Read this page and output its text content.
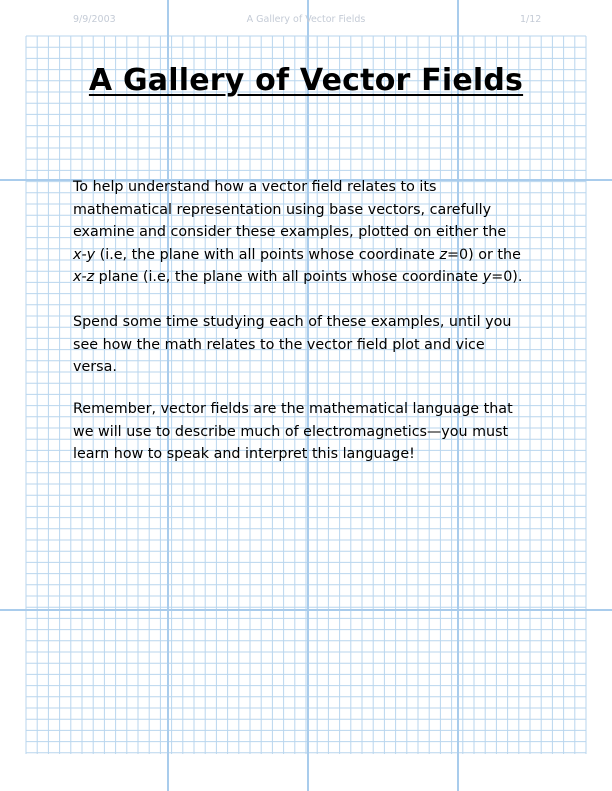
9/9/2003	A Gallery of Vector Fields	1/12
A Gallery of Vector Fields

To help understand how a vector field relates to its
mathematical representation using base vectors, carefully
examine and consider these examples, plotted on either the
x-y (i.e, the plane with all points whose coordinate z=0) or the
x-z plane (i.e, the plane with all points whose coordinate y=0).

Spend some time studying each of these examples, until you
see how the math relates to the vector field plot and vice
versa.

Remember, vector fields are the mathematical language that
we will use to describe much of electromagnetics—you must
learn how to speak and interpret this language!
